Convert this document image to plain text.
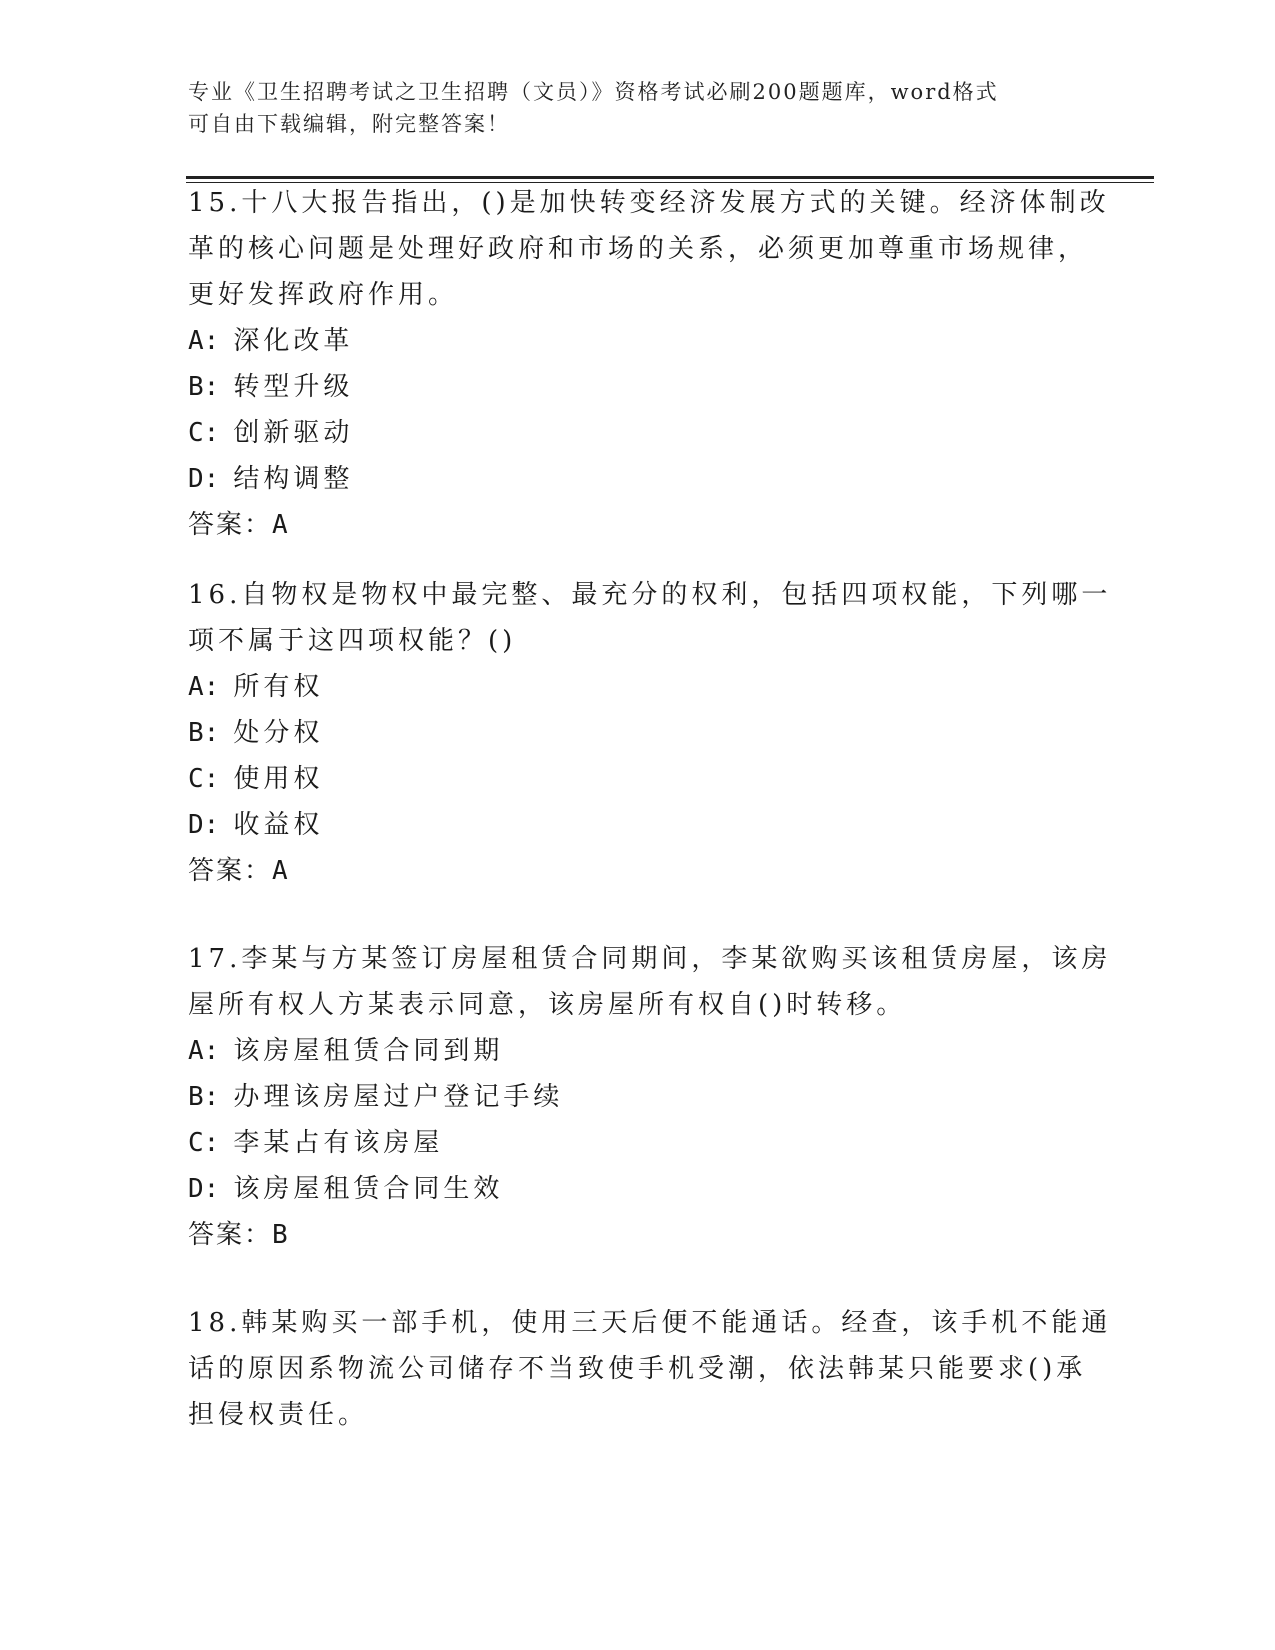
专业《卫生招聘考试之卫生招聘（文员）》资格考试必刷200题题库，word格式
可自由下载编辑，附完整答案！
15.十八大报告指出，()是加快转变经济发展方式的关键。经济体制改
革的核心问题是处理好政府和市场的关系，必须更加尊重市场规律，
更好发挥政府作用。
A: 深化改革
B: 转型升级
C: 创新驱动
D: 结构调整
答案：A
16.自物权是物权中最完整、最充分的权利，包括四项权能，下列哪一
项不属于这四项权能？()
A: 所有权
B: 处分权
C: 使用权
D: 收益权
答案：A
17.李某与方某签订房屋租赁合同期间，李某欲购买该租赁房屋，该房
屋所有权人方某表示同意，该房屋所有权自()时转移。
A: 该房屋租赁合同到期
B: 办理该房屋过户登记手续
C: 李某占有该房屋
D: 该房屋租赁合同生效
答案：B
18.韩某购买一部手机，使用三天后便不能通话。经查，该手机不能通
话的原因系物流公司储存不当致使手机受潮，依法韩某只能要求()承
担侵权责任。
